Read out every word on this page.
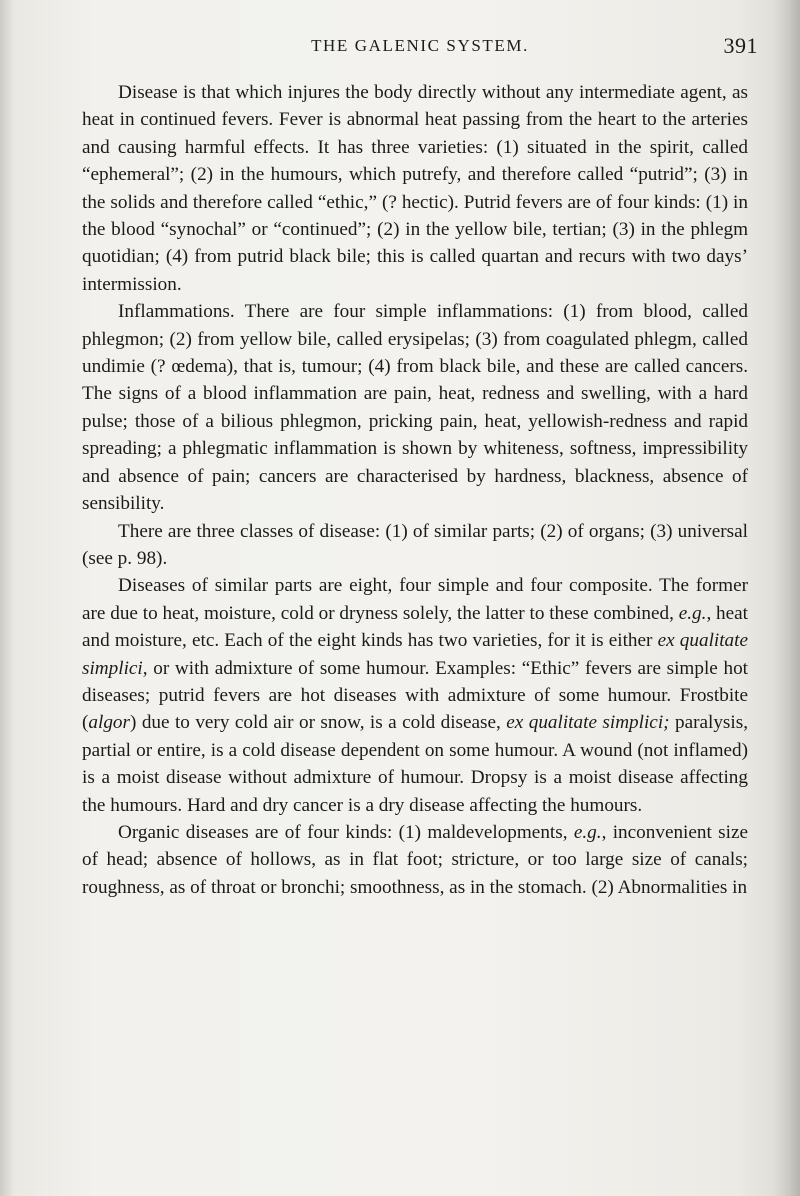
THE GALENIC SYSTEM.	391

Disease is that which injures the body directly without any intermediate agent, as heat in continued fevers. Fever is abnormal heat passing from the heart to the arteries and causing harmful effects. It has three varieties: (1) situated in the spirit, called “ephemeral”; (2) in the humours, which putrefy, and therefore called “putrid”; (3) in the solids and therefore called “ethic,” (? hectic). Putrid fevers are of four kinds: (1) in the blood “synochal” or “continued”; (2) in the yellow bile, tertian; (3) in the phlegm quotidian; (4) from putrid black bile; this is called quartan and recurs with two days’ intermission.

Inflammations. There are four simple inflammations: (1) from blood, called phlegmon; (2) from yellow bile, called erysipelas; (3) from coagulated phlegm, called undimie (? œdema), that is, tumour; (4) from black bile, and these are called cancers. The signs of a blood inflammation are pain, heat, redness and swelling, with a hard pulse; those of a bilious phlegmon, pricking pain, heat, yellowish-redness and rapid spreading; a phlegmatic inflammation is shown by whiteness, softness, impressibility and absence of pain; cancers are characterised by hardness, blackness, absence of sensibility.

There are three classes of disease: (1) of similar parts; (2) of organs; (3) universal (see p. 98).

Diseases of similar parts are eight, four simple and four composite. The former are due to heat, moisture, cold or dryness solely, the latter to these combined, e.g., heat and moisture, etc. Each of the eight kinds has two varieties, for it is either ex qualitate simplici, or with admixture of some humour. Examples: “Ethic” fevers are simple hot diseases; putrid fevers are hot diseases with admixture of some humour. Frostbite (algor) due to very cold air or snow, is a cold disease, ex qualitate simplici; paralysis, partial or entire, is a cold disease dependent on some humour. A wound (not inflamed) is a moist disease without admixture of humour. Dropsy is a moist disease affecting the humours. Hard and dry cancer is a dry disease affecting the humours.

Organic diseases are of four kinds: (1) maldevelopments, e.g., inconvenient size of head; absence of hollows, as in flat foot; stricture, or too large size of canals; roughness, as of throat or bronchi; smoothness, as in the stomach. (2) Abnormalities in
